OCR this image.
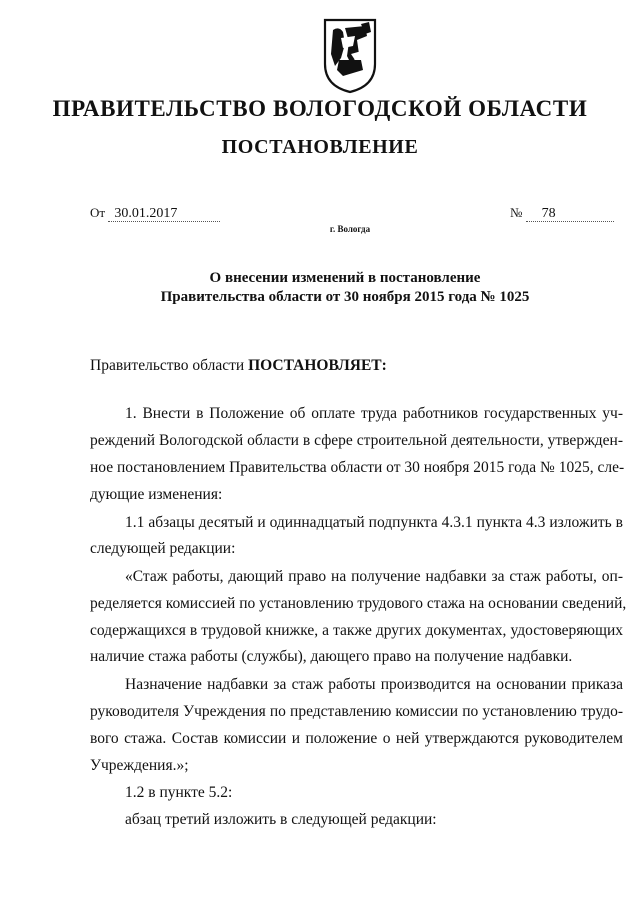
ПРАВИТЕЛЬСТВО ВОЛОГОДСКОЙ ОБЛАСТИ
ПОСТАНОВЛЕНИЕ
От 30.01.2017	№ 78
г. Вологда
О внесении изменений в постановление
Правительства области от 30 ноября 2015 года № 1025
Правительство области ПОСТАНОВЛЯЕТ:
1. Внести в Положение об оплате труда работников государственных уч-
реждений Вологодской области в сфере строительной деятельности, утвержден-
ное постановлением Правительства области от 30 ноября 2015 года № 1025, сле-
дующие изменения:
1.1 абзацы десятый и одиннадцатый подпункта 4.3.1 пункта 4.3 изложить в
следующей редакции:
«Стаж работы, дающий право на получение надбавки за стаж работы, оп-
ределяется комиссией по установлению трудового стажа на основании сведений,
содержащихся в трудовой книжке, а также других документах, удостоверяющих
наличие стажа работы (службы), дающего право на получение надбавки.
Назначение надбавки за стаж работы производится на основании приказа
руководителя Учреждения по представлению комиссии по установлению трудо-
вого стажа. Состав комиссии и положение о ней утверждаются руководителем
Учреждения.»;
1.2 в пункте 5.2:
абзац третий изложить в следующей редакции:
